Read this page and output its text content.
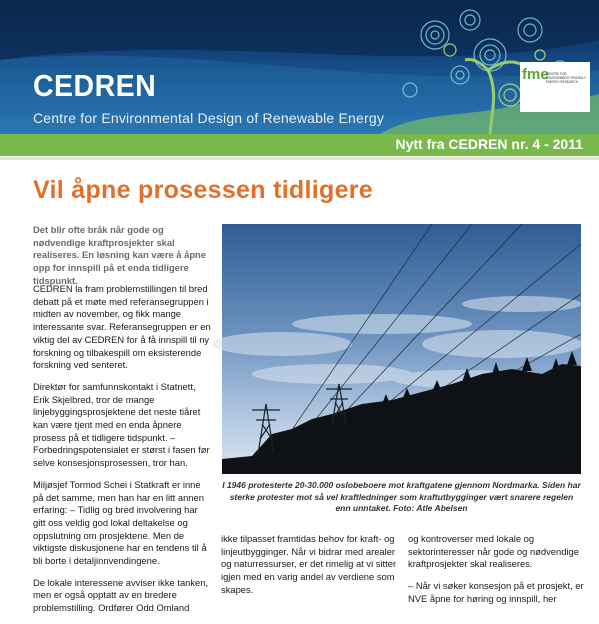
CEDREN
Centre for Environmental Design of Renewable Energy
fme
CENTRE FOR ENVIRONMENT-FRIENDLY ENERGY RESEARCH
Nytt fra CEDREN nr. 4 - 2011
Vil åpne prosessen tidligere
Det blir ofte bråk når gode og nødvendige kraftprosjekter skal realiseres. En løsning kan være å åpne opp for innspill på et enda tidligere tidspunkt.

CEDREN la fram problemstillingen til bred debatt på et møte med referansegruppen i midten av november, og fikk mange interessante svar. Referansegruppen er en viktig del av CEDREN for å få innspill til ny forskning og tilbakespill om eksisterende forskning ved senteret.

Direktør for samfunnskontakt i Statnett, Erik Skjelbred, tror de mange linjebyggingsprosjektene det neste tiåret kan være tjent med en enda åpnere prosess på et tidligere tidspunkt. – Forbedringspotensialet er størst i fasen før selve konsesjonsprosessen, tror han.

Miljøsjef Tormod Schei i Statkraft er inne på det samme, men han har en litt annen erfaring: – Tidlig og bred involvering har gitt oss veldig god lokal deltakelse og oppslutning om prosjektene. Men de viktigste diskusjonene har en tendens til å bli borte i detaljinnvendingene.

De lokale interessene avviser ikke tanken, men er også opptatt av en bredere problemstilling. Ordfører Odd Omland

I 1946 protesterte 20-30.000 oslobeboere mot kraftgatene gjennom Nordmarka. Siden har sterke protester mot så vel kraftledninger som kraftutbygginger vært snarere regelen enn unntaket. Foto: Atle Abelsen

ikke tilpasset framtidas behov for kraft- og linjeutbygginger. Når vi bidrar med arealer og naturressurser, er det rimelig at vi sitter igjen med en varig andel av verdiene som skapes.

og kontroverser med lokale og sektorinteresser når gode og nødvendige kraftprosjekter skal realiseres.

– Når vi søker konsesjon på et prosjekt, er NVE åpne for høring og innspill, her
